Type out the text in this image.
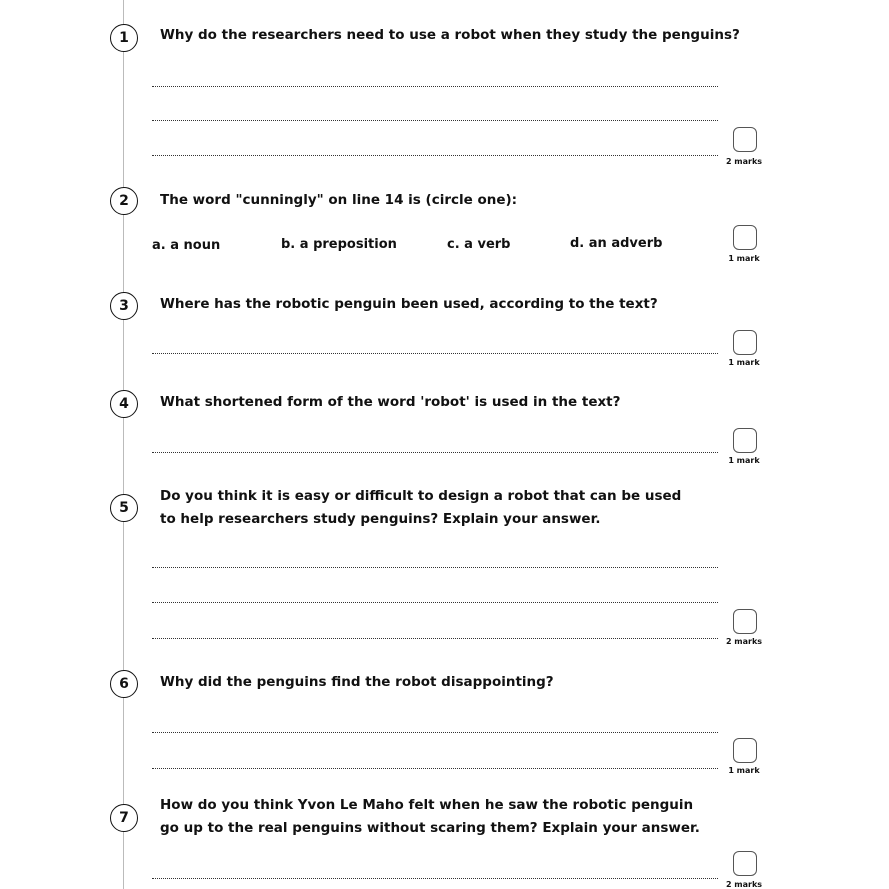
1	Why do the researchers need to use a robot when they study the penguins?
2 marks
2	The word "cunningly" on line 14 is (circle one):
a. a noun	b. a preposition	c. a verb	d. an adverb
1 mark
3	Where has the robotic penguin been used, according to the text?
1 mark
4	What shortened form of the word 'robot' is used in the text?
1 mark
5
Do you think it is easy or difficult to design a robot that can be used
to help researchers study penguins? Explain your answer.
2 marks
6	Why did the penguins find the robot disappointing?
1 mark
7
How do you think Yvon Le Maho felt when he saw the robotic penguin
go up to the real penguins without scaring them? Explain your answer.
2 marks
